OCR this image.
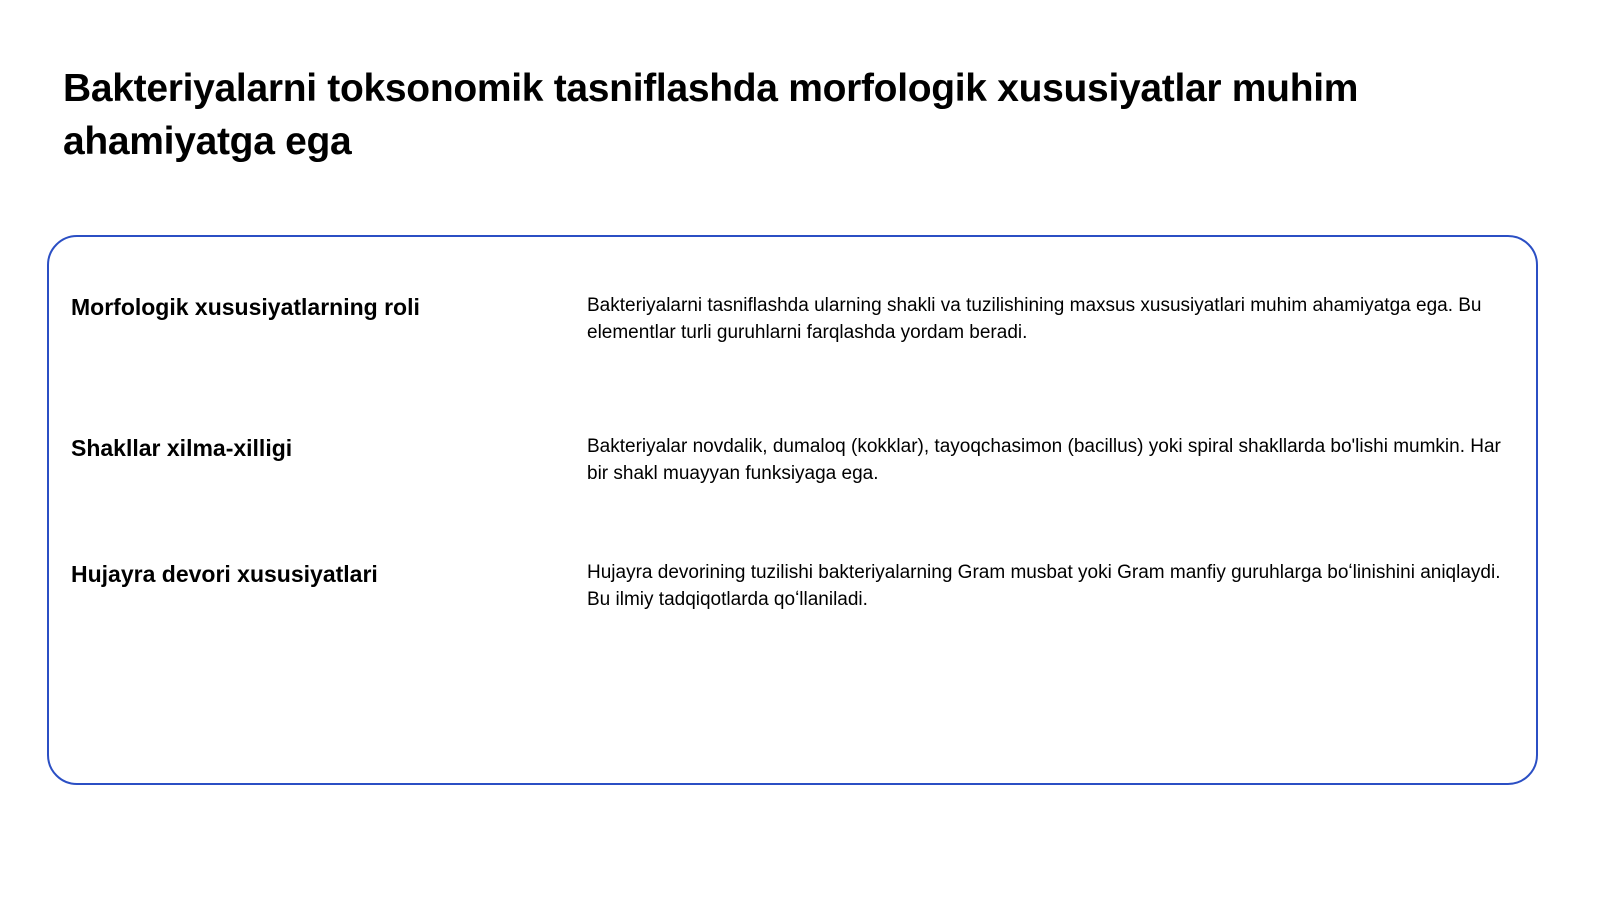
Bakteriyalarni toksonomik tasniflashda morfologik xususiyatlar muhim ahamiyatga ega
Morfologik xususiyatlarning roli	Bakteriyalarni tasniflashda ularning shakli va tuzilishining maxsus xususiyatlari muhim ahamiyatga ega. Bu elementlar turli guruhlarni farqlashda yordam beradi.
Shakllar xilma-xilligi	Bakteriyalar novdalik, dumaloq (kokklar), tayoqchasimon (bacillus) yoki spiral shakllarda bo'lishi mumkin. Har bir shakl muayyan funksiyaga ega.
Hujayra devori xususiyatlari	Hujayra devorining tuzilishi bakteriyalarning Gram musbat yoki Gram manfiy guruhlarga boʻlinishini aniqlaydi. Bu ilmiy tadqiqotlarda qoʻllaniladi.
